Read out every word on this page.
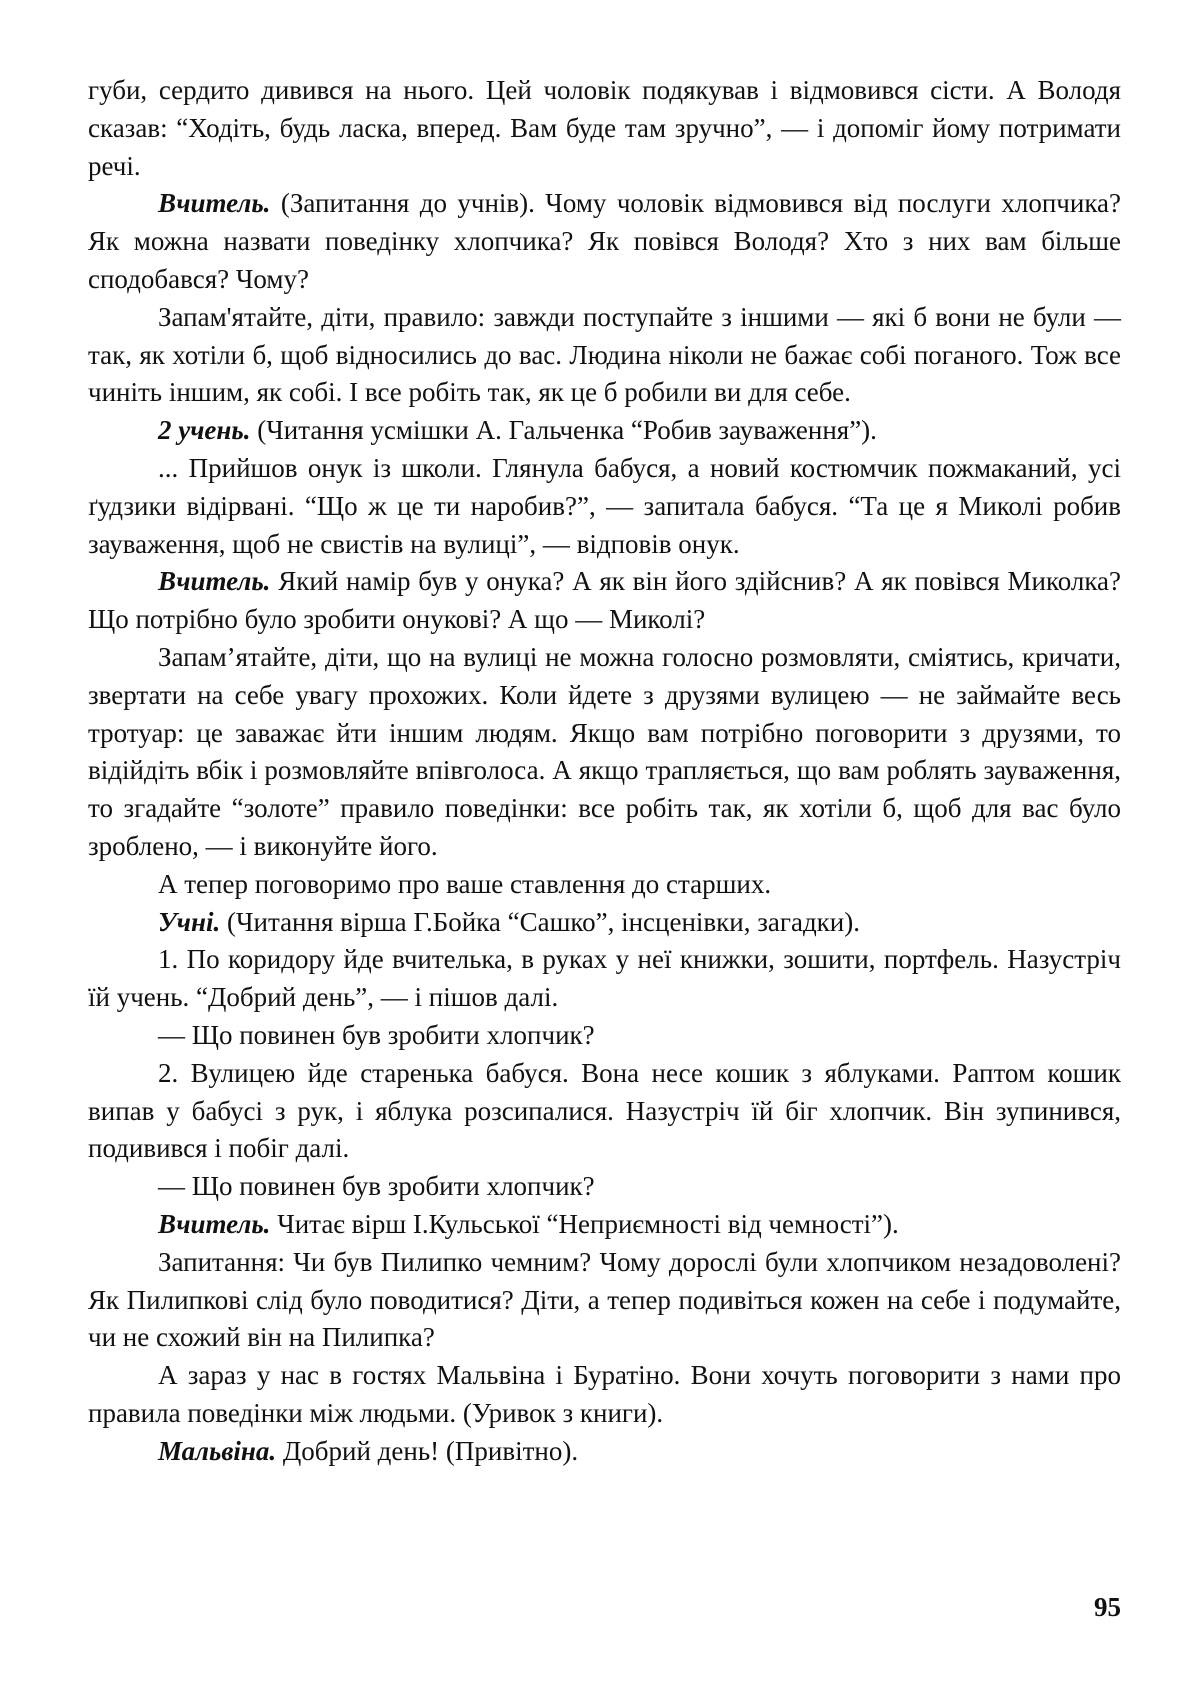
губи, сердито дивився на нього. Цей чоловік подякував і відмовився сісти. А Володя сказав: “Ходіть, будь ласка, вперед. Вам буде там зручно”, — і допоміг йому потримати речі.

Вчитель. (Запитання до учнів). Чому чоловік відмовився від послуги хлопчика? Як можна назвати поведінку хлопчика? Як повівся Володя? Хто з них вам більше сподобався? Чому?

Запам'ятайте, діти, правило: завжди поступайте з іншими — які б вони не були — так, як хотіли б, щоб відносились до вас. Людина ніколи не бажає собі поганого. Тож все чиніть іншим, як собі. І все робіть так, як це б робили ви для себе.

2 учень. (Читання усмішки А. Гальченка “Робив зауваження”).

... Прийшов онук із школи. Глянула бабуся, а новий костюмчик пожмаканий, усі ґудзики відірвані. “Що ж це ти наробив?”, — запитала бабуся. “Та це я Миколі робив зауваження, щоб не свистів на вулиці”, — відповів онук.

Вчитель. Який намір був у онука? А як він його здійснив? А як повівся Миколка? Що потрібно було зробити онукові? А що — Миколі?

Запам’ятайте, діти, що на вулиці не можна голосно розмовляти, сміятись, кричати, звертати на себе увагу прохожих. Коли йдете з друзями вулицею — не займайте весь тротуар: це заважає йти іншим людям. Якщо вам потрібно поговорити з друзями, то відійдіть вбік і розмовляйте впівголоса. А якщо трапляється, що вам роблять зауваження, то згадайте “золоте” правило поведінки: все робіть так, як хотіли б, щоб для вас було зроблено, — і виконуйте його.

А тепер поговоримо про ваше ставлення до старших.

Учні. (Читання вірша Г.Бойка “Сашко”, інсценівки, загадки).

1. По коридору йде вчителька, в руках у неї книжки, зошити, портфель. Назустріч їй учень. “Добрий день”, — і пішов далі.

— Що повинен був зробити хлопчик?

2. Вулицею йде старенька бабуся. Вона несе кошик з яблуками. Раптом кошик випав у бабусі з рук, і яблука розсипалися. Назустріч їй біг хлопчик. Він зупинився, подивився і побіг далі.

— Що повинен був зробити хлопчик?

Вчитель. Читає вірш І.Кульської “Неприємності від чемності”).

Запитання: Чи був Пилипко чемним? Чому дорослі були хлопчиком незадоволені? Як Пилипкові слід було поводитися? Діти, а тепер подивіться кожен на себе і подумайте, чи не схожий він на Пилипка?

А зараз у нас в гостях Мальвіна і Буратіно. Вони хочуть поговорити з нами про правила поведінки між людьми. (Уривок з книги).

Мальвіна. Добрий день! (Привітно).

95
